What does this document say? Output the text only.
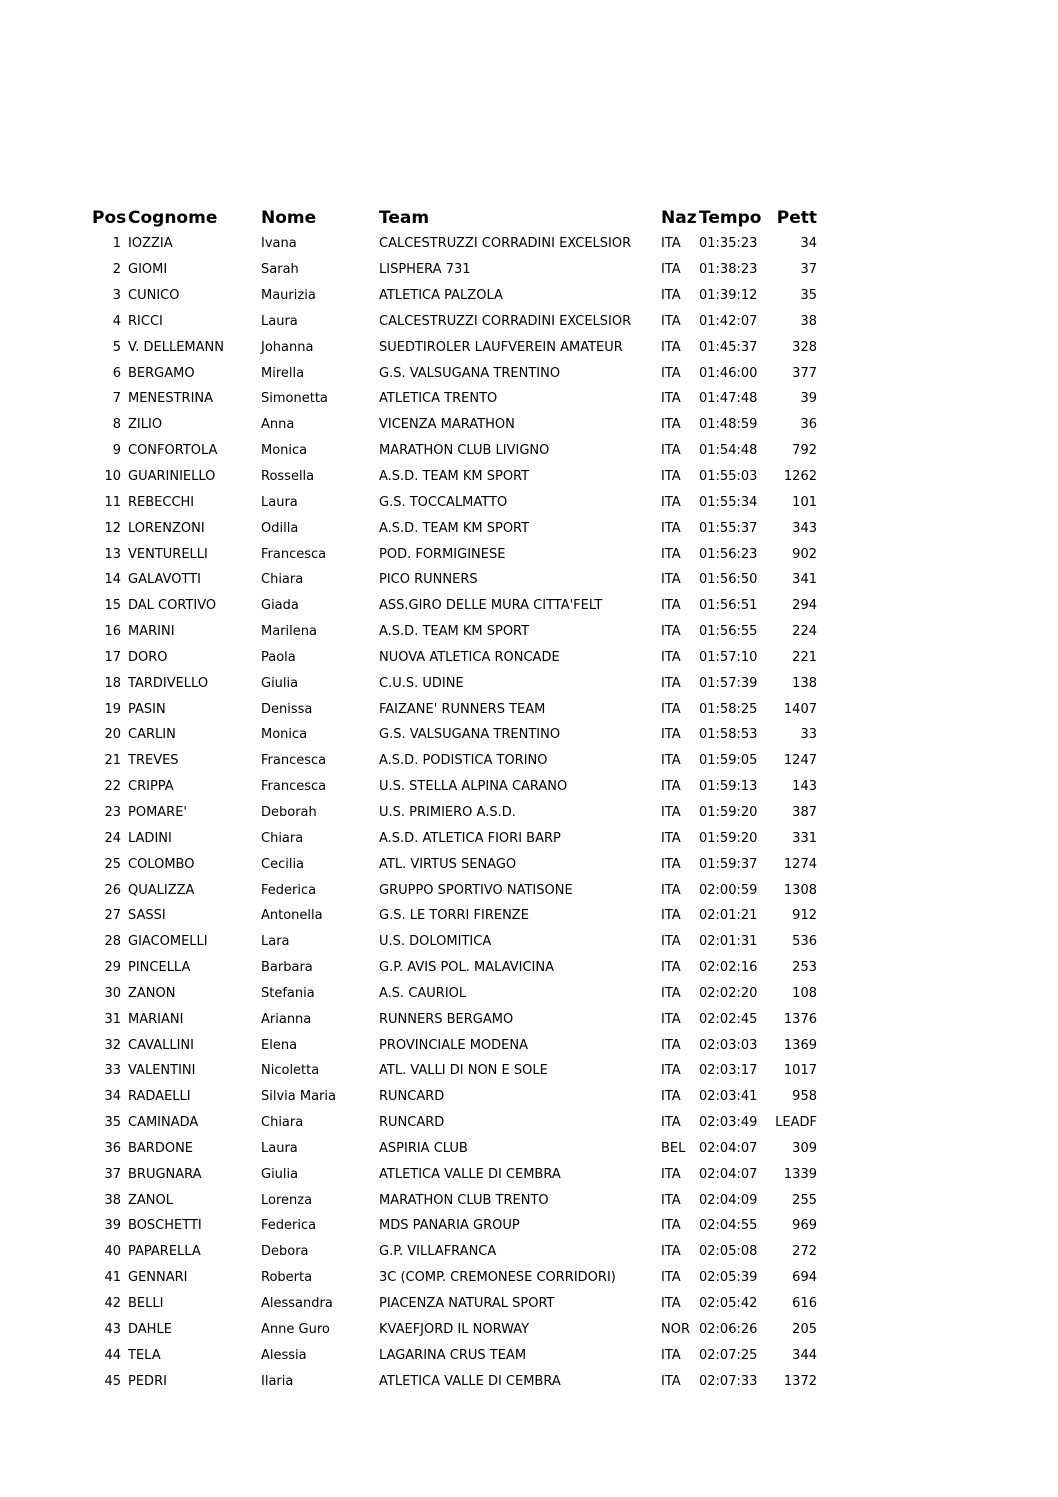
Pos	Cognome	Nome	Team	Naz	Tempo	Pett
1	IOZZIA	Ivana	CALCESTRUZZI CORRADINI EXCELSIOR	ITA	01:35:23	34
2	GIOMI	Sarah	LISPHERA 731	ITA	01:38:23	37
3	CUNICO	Maurizia	ATLETICA PALZOLA	ITA	01:39:12	35
4	RICCI	Laura	CALCESTRUZZI CORRADINI EXCELSIOR	ITA	01:42:07	38
5	V. DELLEMANN	Johanna	SUEDTIROLER LAUFVEREIN AMATEUR	ITA	01:45:37	328
6	BERGAMO	Mirella	G.S. VALSUGANA TRENTINO	ITA	01:46:00	377
7	MENESTRINA	Simonetta	ATLETICA TRENTO	ITA	01:47:48	39
8	ZILIO	Anna	VICENZA MARATHON	ITA	01:48:59	36
9	CONFORTOLA	Monica	MARATHON CLUB LIVIGNO	ITA	01:54:48	792
10	GUARINIELLO	Rossella	A.S.D. TEAM KM SPORT	ITA	01:55:03	1262
11	REBECCHI	Laura	G.S. TOCCALMATTO	ITA	01:55:34	101
12	LORENZONI	Odilla	A.S.D. TEAM KM SPORT	ITA	01:55:37	343
13	VENTURELLI	Francesca	POD. FORMIGINESE	ITA	01:56:23	902
14	GALAVOTTI	Chiara	PICO RUNNERS	ITA	01:56:50	341
15	DAL CORTIVO	Giada	ASS.GIRO DELLE MURA CITTA'FELT	ITA	01:56:51	294
16	MARINI	Marilena	A.S.D. TEAM KM SPORT	ITA	01:56:55	224
17	DORO	Paola	NUOVA ATLETICA RONCADE	ITA	01:57:10	221
18	TARDIVELLO	Giulia	C.U.S. UDINE	ITA	01:57:39	138
19	PASIN	Denissa	FAIZANE' RUNNERS TEAM	ITA	01:58:25	1407
20	CARLIN	Monica	G.S. VALSUGANA TRENTINO	ITA	01:58:53	33
21	TREVES	Francesca	A.S.D. PODISTICA TORINO	ITA	01:59:05	1247
22	CRIPPA	Francesca	U.S. STELLA ALPINA CARANO	ITA	01:59:13	143
23	POMARE'	Deborah	U.S. PRIMIERO A.S.D.	ITA	01:59:20	387
24	LADINI	Chiara	A.S.D. ATLETICA FIORI BARP	ITA	01:59:20	331
25	COLOMBO	Cecilia	ATL. VIRTUS SENAGO	ITA	01:59:37	1274
26	QUALIZZA	Federica	GRUPPO SPORTIVO NATISONE	ITA	02:00:59	1308
27	SASSI	Antonella	G.S. LE TORRI FIRENZE	ITA	02:01:21	912
28	GIACOMELLI	Lara	U.S. DOLOMITICA	ITA	02:01:31	536
29	PINCELLA	Barbara	G.P. AVIS POL. MALAVICINA	ITA	02:02:16	253
30	ZANON	Stefania	A.S. CAURIOL	ITA	02:02:20	108
31	MARIANI	Arianna	RUNNERS BERGAMO	ITA	02:02:45	1376
32	CAVALLINI	Elena	PROVINCIALE MODENA	ITA	02:03:03	1369
33	VALENTINI	Nicoletta	ATL. VALLI DI NON E SOLE	ITA	02:03:17	1017
34	RADAELLI	Silvia Maria	RUNCARD	ITA	02:03:41	958
35	CAMINADA	Chiara	RUNCARD	ITA	02:03:49	LEADF
36	BARDONE	Laura	ASPIRIA CLUB	BEL	02:04:07	309
37	BRUGNARA	Giulia	ATLETICA VALLE DI CEMBRA	ITA	02:04:07	1339
38	ZANOL	Lorenza	MARATHON CLUB TRENTO	ITA	02:04:09	255
39	BOSCHETTI	Federica	MDS PANARIA GROUP	ITA	02:04:55	969
40	PAPARELLA	Debora	G.P. VILLAFRANCA	ITA	02:05:08	272
41	GENNARI	Roberta	3C (COMP. CREMONESE CORRIDORI)	ITA	02:05:39	694
42	BELLI	Alessandra	PIACENZA NATURAL SPORT	ITA	02:05:42	616
43	DAHLE	Anne Guro	KVAEFJORD IL NORWAY	NOR	02:06:26	205
44	TELA	Alessia	LAGARINA CRUS TEAM	ITA	02:07:25	344
45	PEDRI	Ilaria	ATLETICA VALLE DI CEMBRA	ITA	02:07:33	1372
